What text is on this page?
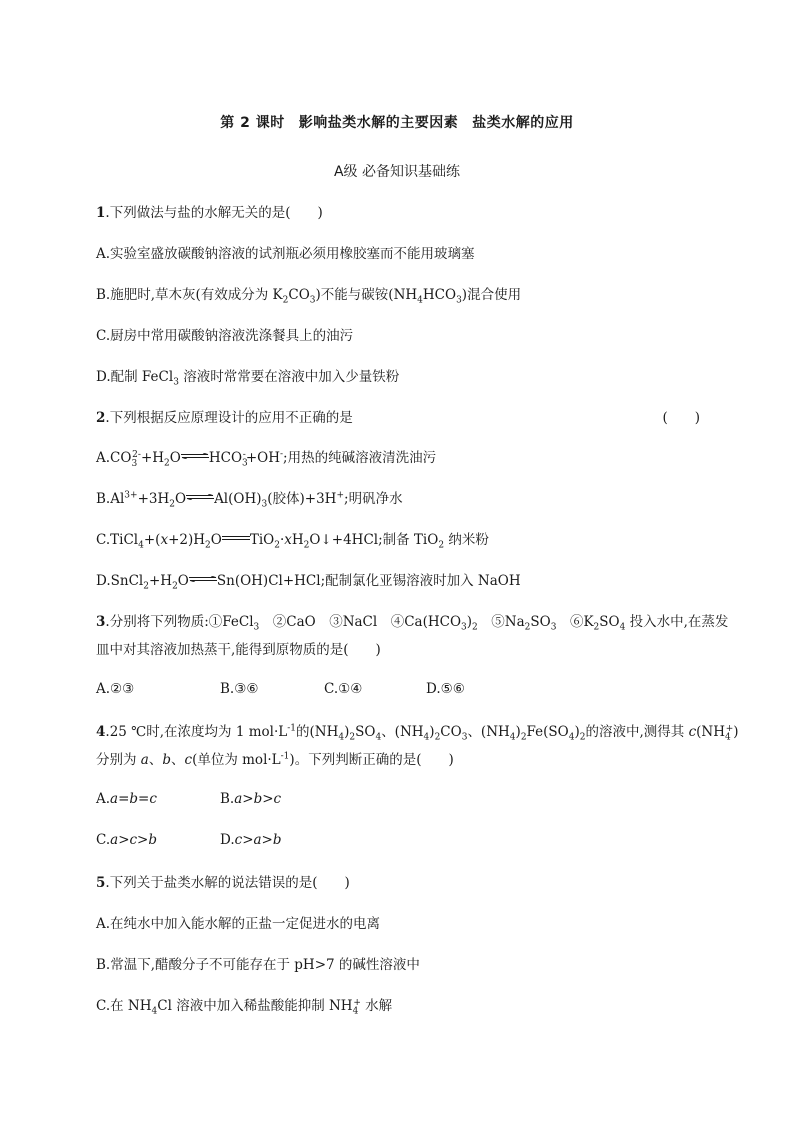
第 2 课时 影响盐类水解的主要因素 盐类水解的应用
A级 必备知识基础练
1.下列做法与盐的水解无关的是(　　)
A.实验室盛放碳酸钠溶液的试剂瓶必须用橡胶塞而不能用玻璃塞
B.施肥时,草木灰(有效成分为 $K_2CO_3$)不能与碳铵$(NH_4HCO_3)$混合使用
C.厨房中常用碳酸钠溶液洗涤餐具上的油污
D.配制 FeCl$_3$ 溶液时常常要在溶液中加入少量铁粉
2.下列根据反应原理设计的应用不正确的是	(　　)
$A.CO_3^{2-}+H_2O\rightleftharpoons HCO_3^-+OH^-$;用热的纯碱溶液清洗油污
$B.Al^{3+}+3H_2O\rightleftharpoons Al(OH)_3$(胶体)+3H+;明矾净水
$C.TiCl_4+(x+2)H_2O$ $TiO_2\cdot xH_2O↓+4HCl$;制备 TiO$_2$ 纳米粉
$D.SnCl_2+H_2O\rightleftharpoons Sn(OH)Cl+HCl$;配制氯化亚锡溶液时加入 NaOH
3.分别将下列物质:①FeCl$_3$　②CaO　③NaCl　$④Ca(HCO_3)_2$　$⑤Na_2SO_3$　$⑥K_2SO_4$ 投入水中,在蒸发
皿中对其溶液加热蒸干,能得到原物质的是(　　)
A.②③	B.③⑥	C.①④	D.⑤⑥
4.25 ℃时,在浓度均为 1 $mol\cdot L^{-1}$的$(NH_4)_2SO_4$、$(NH_4)_2CO_3$、$(NH_4)_2Fe(SO_4)_2$的溶液中,测得其 $c(NH_4^+)$
分别为 a、b、c(单位为 $mol\cdot L^{-1}$)。下列判断正确的是(　　)
A.a=b=c	B.a>b>c
C.a>c>b	D.c>a>b
5.下列关于盐类水解的说法错误的是(　　)
A.在纯水中加入能水解的正盐一定促进水的电离
B.常温下,醋酸分子不可能存在于 pH>7 的碱性溶液中
C.在 $NH_4Cl$ 溶液中加入稀盐酸能抑制 $NH_4^+$ 水解
